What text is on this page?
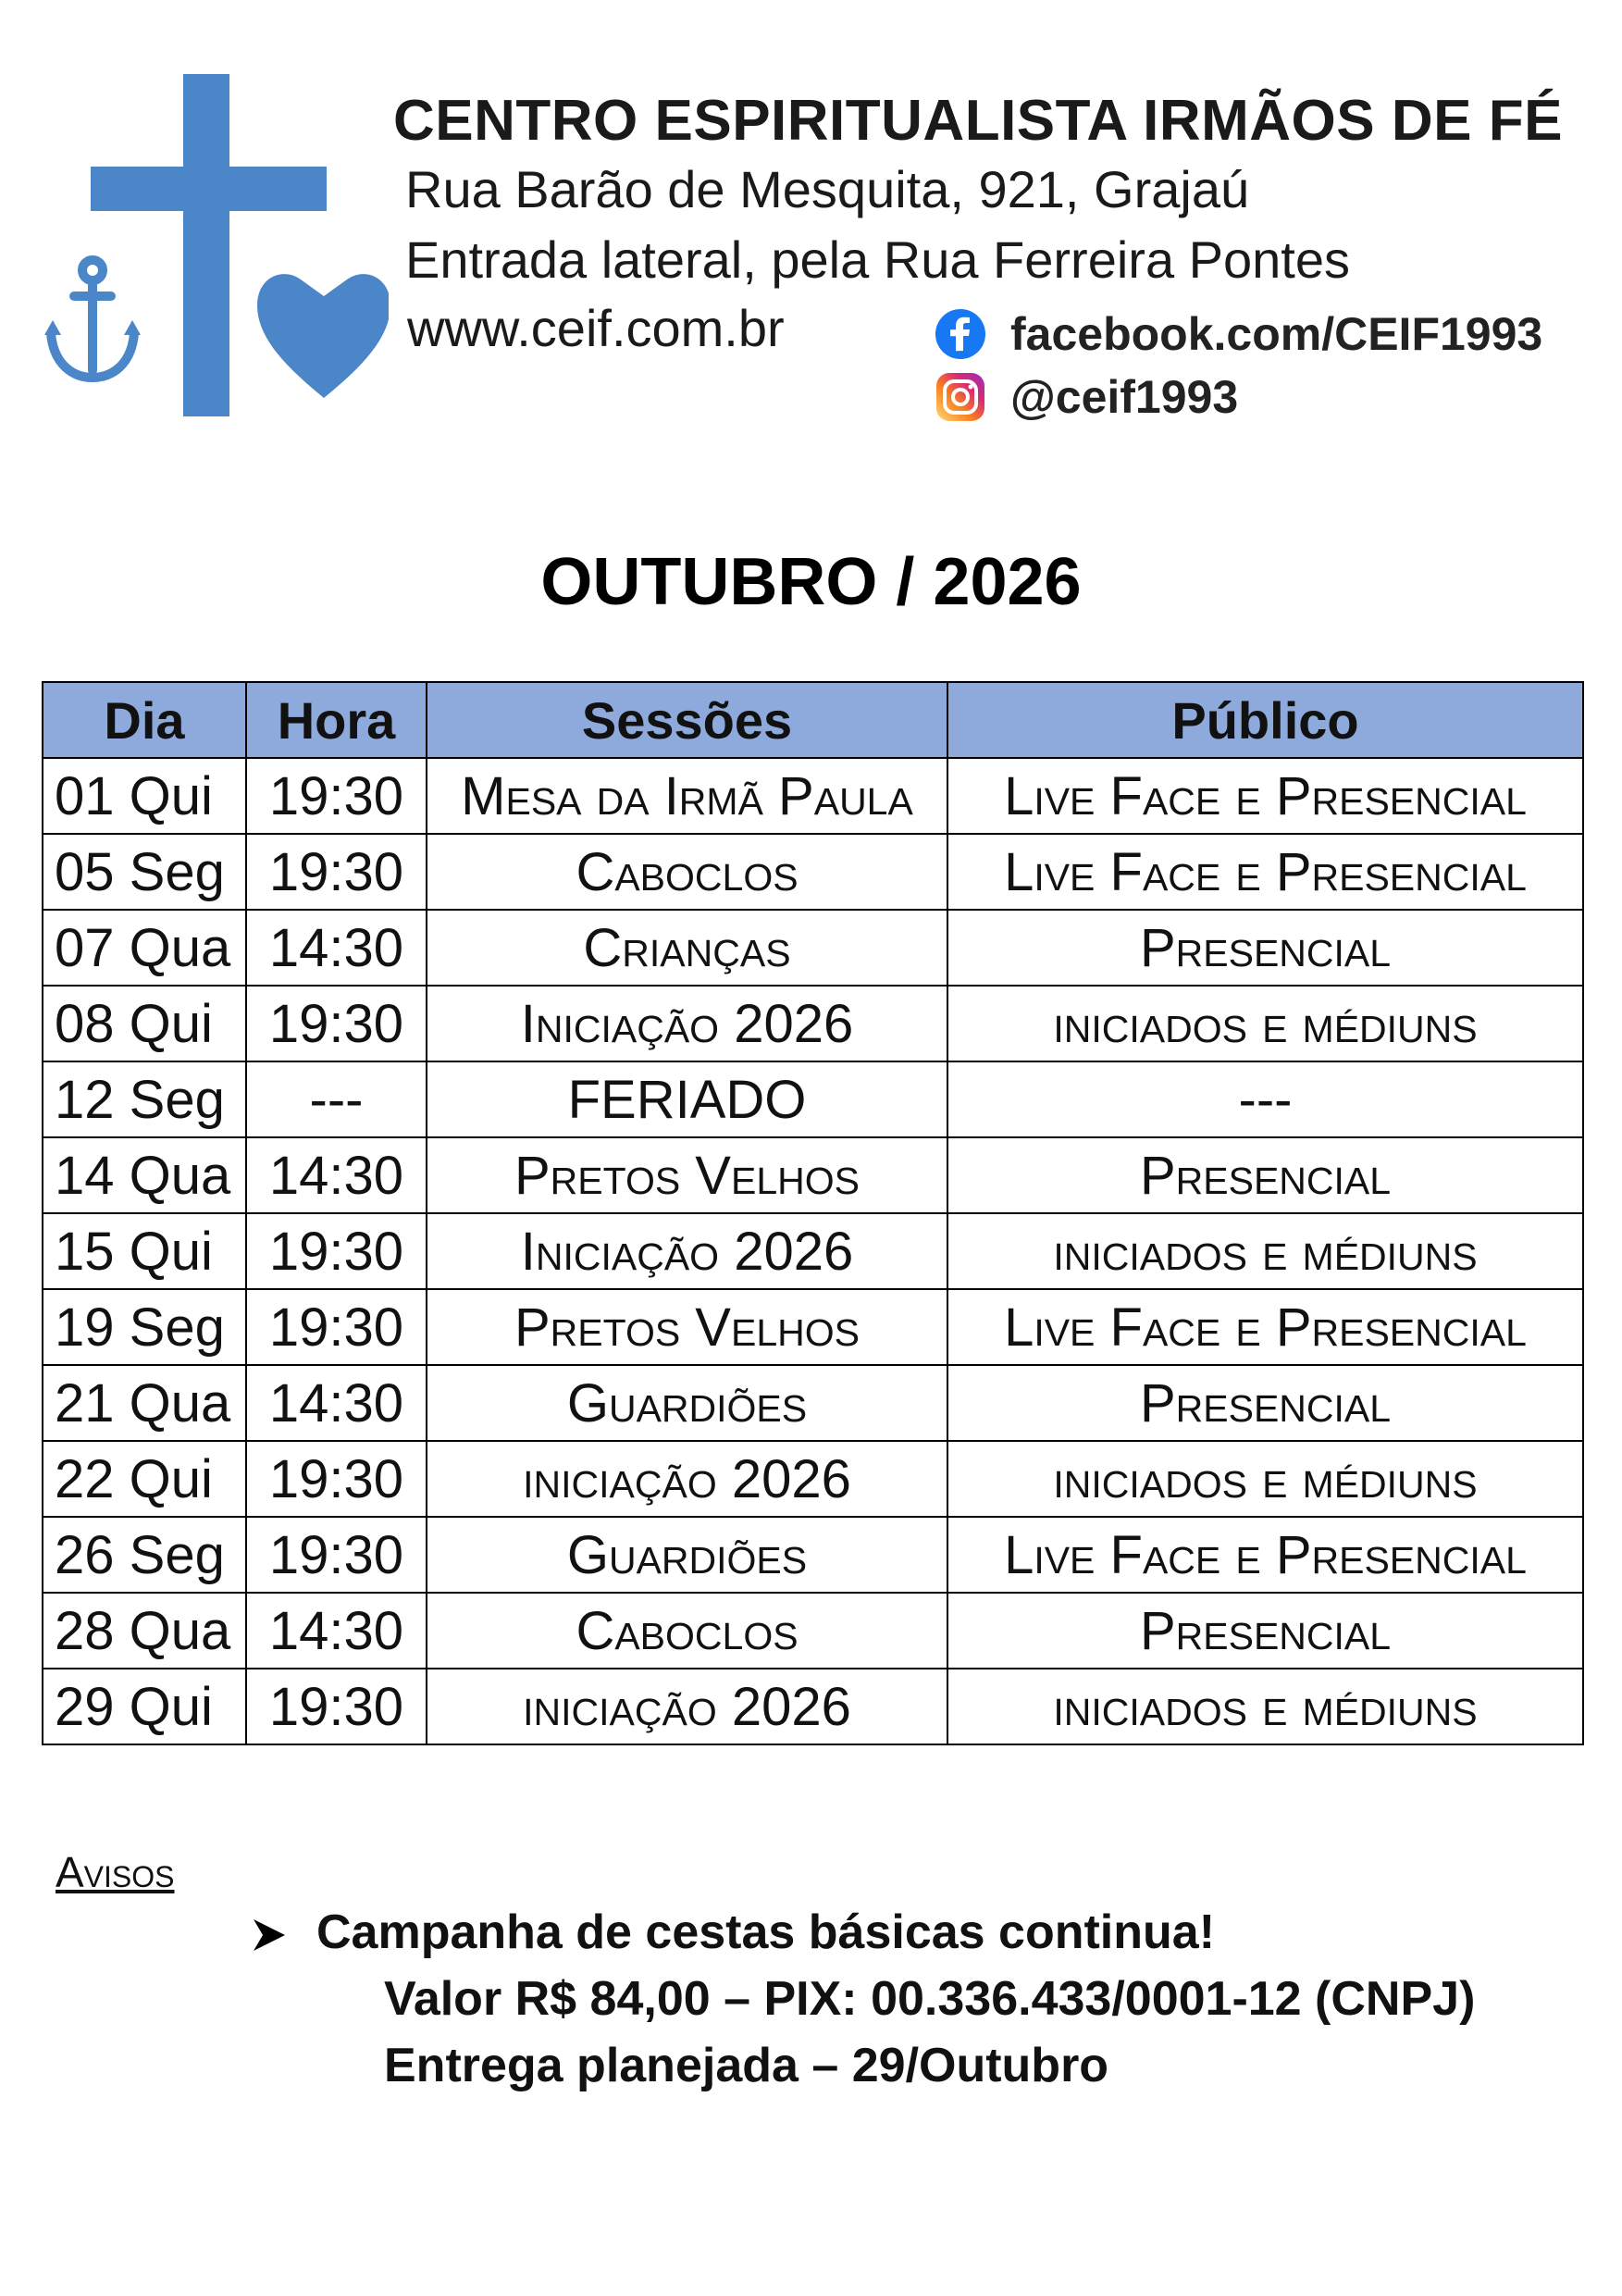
CENTRO ESPIRITUALISTA IRMÃOS DE FÉ
Rua Barão de Mesquita, 921, Grajaú
Entrada lateral, pela Rua Ferreira Pontes
www.ceif.com.br	facebook.com/CEIF1993
@ceif1993
OUTUBRO / 2026
Dia	Hora	Sessões	Público
01 Qui	19:30	Mesa da Irmã Paula	Live Face e Presencial
05 Seg	19:30	Caboclos	Live Face e Presencial
07 Qua	14:30	Crianças	Presencial
08 Qui	19:30	Iniciação 2026	iniciados e médiuns
12 Seg	---	FERIADO	---
14 Qua	14:30	Pretos Velhos	Presencial
15 Qui	19:30	Iniciação 2026	iniciados e médiuns
19 Seg	19:30	Pretos Velhos	Live Face e Presencial
21 Qua	14:30	Guardiões	Presencial
22 Qui	19:30	iniciação 2026	iniciados e médiuns
26 Seg	19:30	Guardiões	Live Face e Presencial
28 Qua	14:30	Caboclos	Presencial
29 Qui	19:30	iniciação 2026	iniciados e médiuns
Avisos
Campanha de cestas básicas continua!
Valor R$ 84,00 – PIX: 00.336.433/0001-12 (CNPJ)
Entrega planejada – 29/Outubro
